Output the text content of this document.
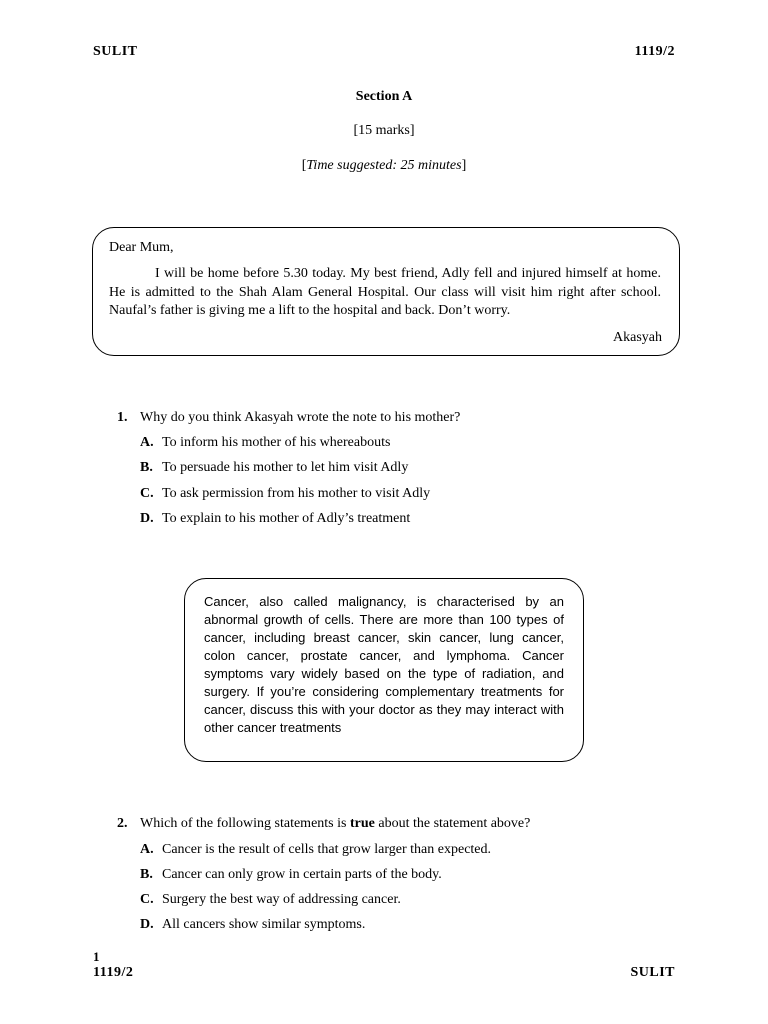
SULIT	1119/2
Section A
[15 marks]
[Time suggested: 25 minutes]
Dear Mum,
I will be home before 5.30 today. My best friend, Adly fell and injured himself at home. He is admitted to the Shah Alam General Hospital. Our class will visit him right after school. Naufal’s father is giving me a lift to the hospital and back. Don’t worry.
Akasyah
1. Why do you think Akasyah wrote the note to his mother?
A. To inform his mother of his whereabouts
B. To persuade his mother to let him visit Adly
C. To ask permission from his mother to visit Adly
D. To explain to his mother of Adly’s treatment
Cancer, also called malignancy, is characterised by an abnormal growth of cells. There are more than 100 types of cancer, including breast cancer, skin cancer, lung cancer, colon cancer, prostate cancer, and lymphoma. Cancer symptoms vary widely based on the type of radiation, and surgery. If you’re considering complementary treatments for cancer, discuss this with your doctor as they may interact with other cancer treatments
2. Which of the following statements is true about the statement above?
A. Cancer is the result of cells that grow larger than expected.
B. Cancer can only grow in certain parts of the body.
C. Surgery the best way of addressing cancer.
D. All cancers show similar symptoms.
1
1119/2	SULIT
